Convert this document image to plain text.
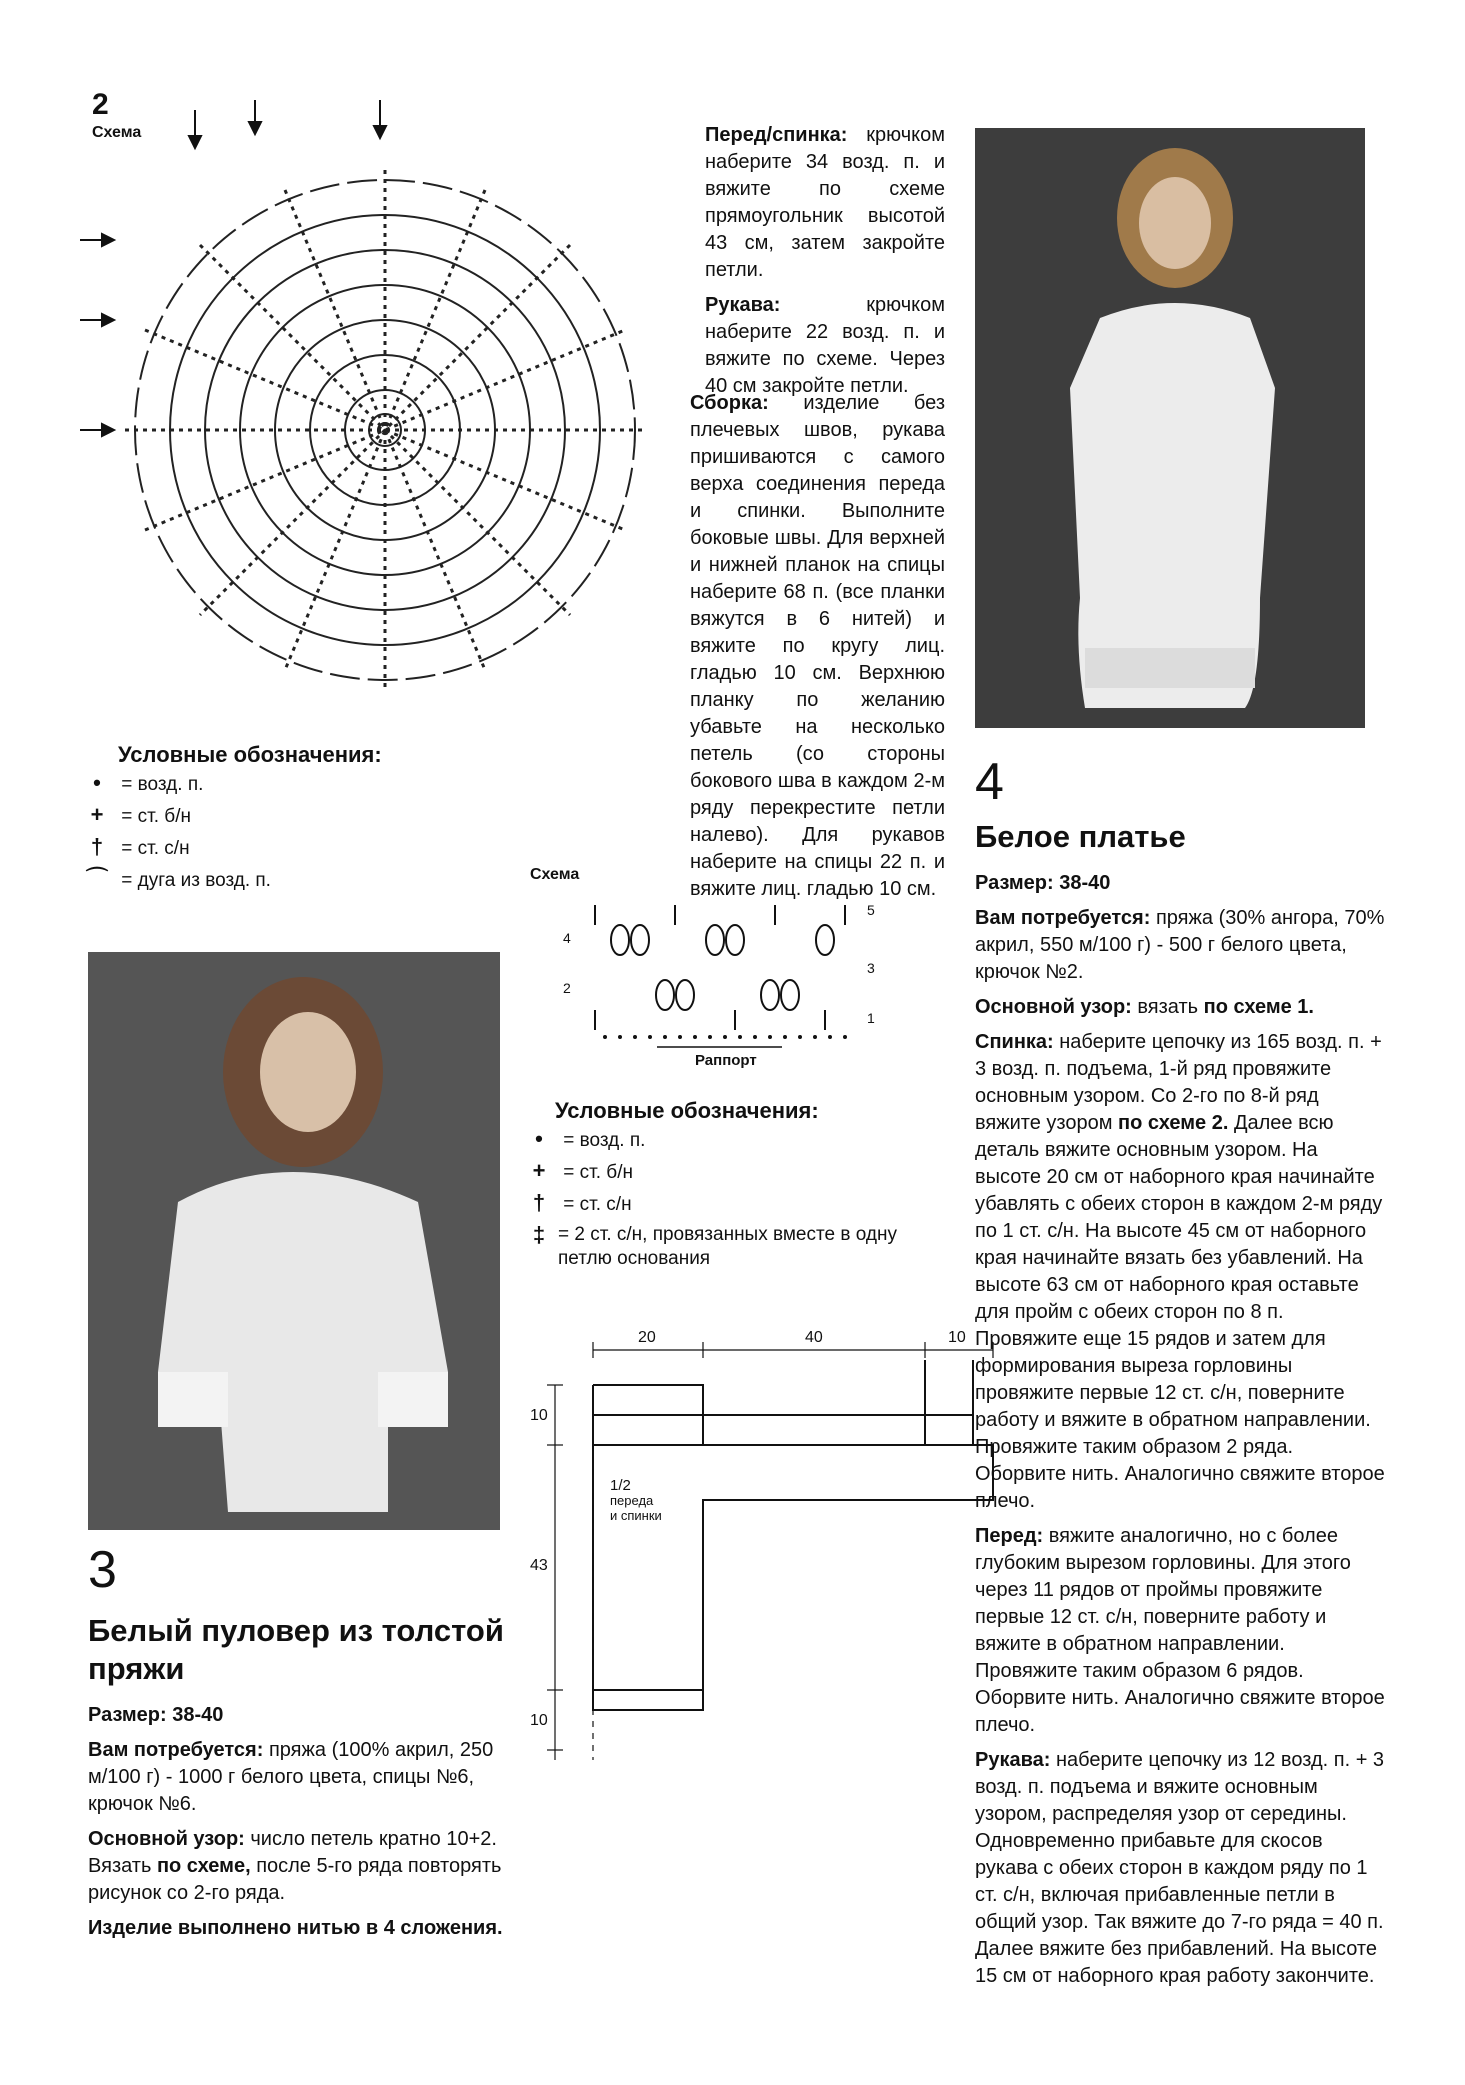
2
Схема
Условные обозначения:
• = возд. п.
+ = ст. б/н
† = ст. с/н
⌒ = дуга из возд. п.
3
Белый пуловер из толстой пряжи

Размер: 38-40

Вам потребуется: пряжа (100% акрил, 250 м/100 г) - 1000 г белого цвета, спицы №6, крючок №6.

Основной узор: число петель кратно 10+2. Вязать по схеме, после 5-го ряда повторять рисунок со 2-го ряда.

Изделие выполнено нитью в 4 сложения.

Перед/спинка: крючком наберите 34 возд. п. и вяжите по схеме прямоугольник высотой 43 см, затем закройте петли.

Рукава:	крючком наберите 22 возд. п. и вяжите по схеме. Через 40 см закройте петли.

Сборка: изделие без плечевых швов, рукава пришиваются с самого верха соединения переда и спинки. Выполните боковые швы. Для верхней и нижней планок на спицы наберите 68 п. (все планки вяжутся в 6 нитей) и вяжите по кругу лиц. гладью 10 см. Верхнюю планку по желанию убавьте на несколько петель (со стороны бокового шва в каждом 2-м ряду перекрестите петли налево). Для рукавов наберите на спицы 22 п. и вяжите лиц. гладью 10 см.

Схема
5
4
3
2
1
Раппорт
Условные обозначения:
• = возд. п.
+ = ст. б/н
† = ст. с/н
‡ = 2 ст. с/н, провязанных вместе в одну петлю основания
20	40	10
10
43
10
1/2
переда
и спинки
4
Белое платье

Размер: 38-40

Вам потребуется: пряжа (30% ангора, 70% акрил, 550 м/100 г) - 500 г белого цвета, крючок №2.

Основной узор: вязать по схеме 1.

Спинка: наберите цепочку из 165 возд. п. + 3 возд. п. подъема, 1-й ряд провяжите основным узором. Со 2-го по 8-й ряд вяжите узором по схеме 2. Далее всю деталь вяжите основным узором. На высоте 20 см от наборного края начинайте убавлять с обеих сторон в каждом 2-м ряду по 1 ст. с/н. На высоте 45 см от наборного края начинайте вязать без убавлений. На высоте 63 см от наборного края оставьте для пройм с обеих сторон по 8 п. Провяжите еще 15 рядов и затем для формирования выреза горловины провяжите первые 12 ст. с/н, поверните работу и вяжите в обратном направлении. Провяжите таким образом 2 ряда. Оборвите нить. Аналогично свяжите второе плечо.

Перед: вяжите аналогично, но с более глубоким вырезом горловины. Для этого через 11 рядов от проймы провяжите первые 12 ст. с/н, поверните работу и вяжите в обратном направлении. Провяжите таким образом 6 рядов. Оборвите нить. Аналогично свяжите второе плечо.

Рукава: наберите цепочку из 12 возд. п. + 3 возд. п. подъема и вяжите основным узором, распределяя узор от середины. Одновременно прибавьте для скосов рукава с обеих сторон в каждом ряду по 1 ст. с/н, включая прибавленные петли в общий узор. Так вяжите до 7-го ряда = 40 п. Далее вяжите без прибавлений. На высоте 15 см от наборного края работу закончите.
